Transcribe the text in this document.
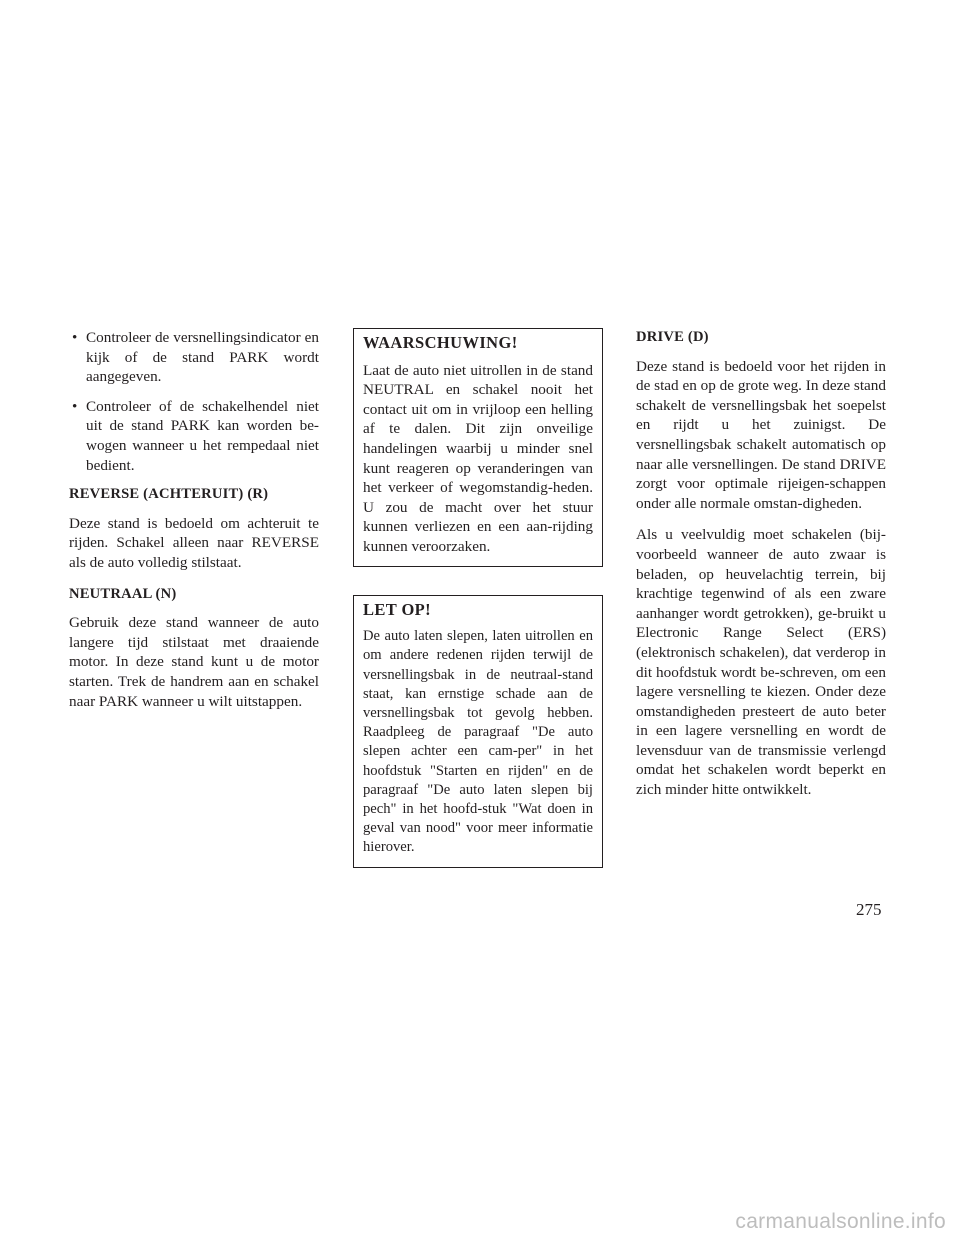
• Controleer de versnellingsindicator en kijk of de stand PARK wordt aangegeven.
• Controleer of de schakelhendel niet uit de stand PARK kan worden be-wogen wanneer u het rempedaal niet bedient.
REVERSE (ACHTERUIT) (R)

Deze stand is bedoeld om achteruit te rijden. Schakel alleen naar REVERSE als de auto volledig stilstaat.

NEUTRAAL (N)

Gebruik deze stand wanneer de auto langere tijd stilstaat met draaiende motor. In deze stand kunt u de motor starten. Trek de handrem aan en schakel naar PARK wanneer u wilt uitstappen.

WAARSCHUWING!

Laat de auto niet uitrollen in de stand NEUTRAL en schakel nooit het contact uit om in vrijloop een helling af te dalen. Dit zijn onveilige handelingen waarbij u minder snel kunt reageren op veranderingen van het verkeer of wegomstandig-heden. U zou de macht over het stuur kunnen verliezen en een aan-rijding kunnen veroorzaken.

LET OP!

De auto laten slepen, laten uitrollen en om andere redenen rijden terwijl de versnellingsbak in de neutraal-stand staat, kan ernstige schade aan de versnellingsbak tot gevolg hebben. Raadpleeg de paragraaf "De auto slepen achter een cam-per" in het hoofdstuk "Starten en rijden" en de paragraaf "De auto laten slepen bij pech" in het hoofd-stuk "Wat doen in geval van nood" voor meer informatie hierover.

DRIVE (D)

Deze stand is bedoeld voor het rijden in de stad en op de grote weg. In deze stand schakelt de versnellingsbak het soepelst en rijdt u het zuinigst. De versnellingsbak schakelt automatisch op naar alle versnellingen. De stand DRIVE zorgt voor optimale rijeigen-schappen onder alle normale omstan-digheden.

Als u veelvuldig moet schakelen (bij-voorbeeld wanneer de auto zwaar is beladen, op heuvelachtig terrein, bij krachtige tegenwind of als een zware aanhanger wordt getrokken), ge-bruikt u Electronic Range Select (ERS) (elektronisch schakelen), dat verderop in dit hoofdstuk wordt be-schreven, om een lagere versnelling te kiezen. Onder deze omstandigheden presteert de auto beter in een lagere versnelling en wordt de levensduur van de transmissie verlengd omdat het schakelen wordt beperkt en zich minder hitte ontwikkelt.

275
carmanualsonline.info
